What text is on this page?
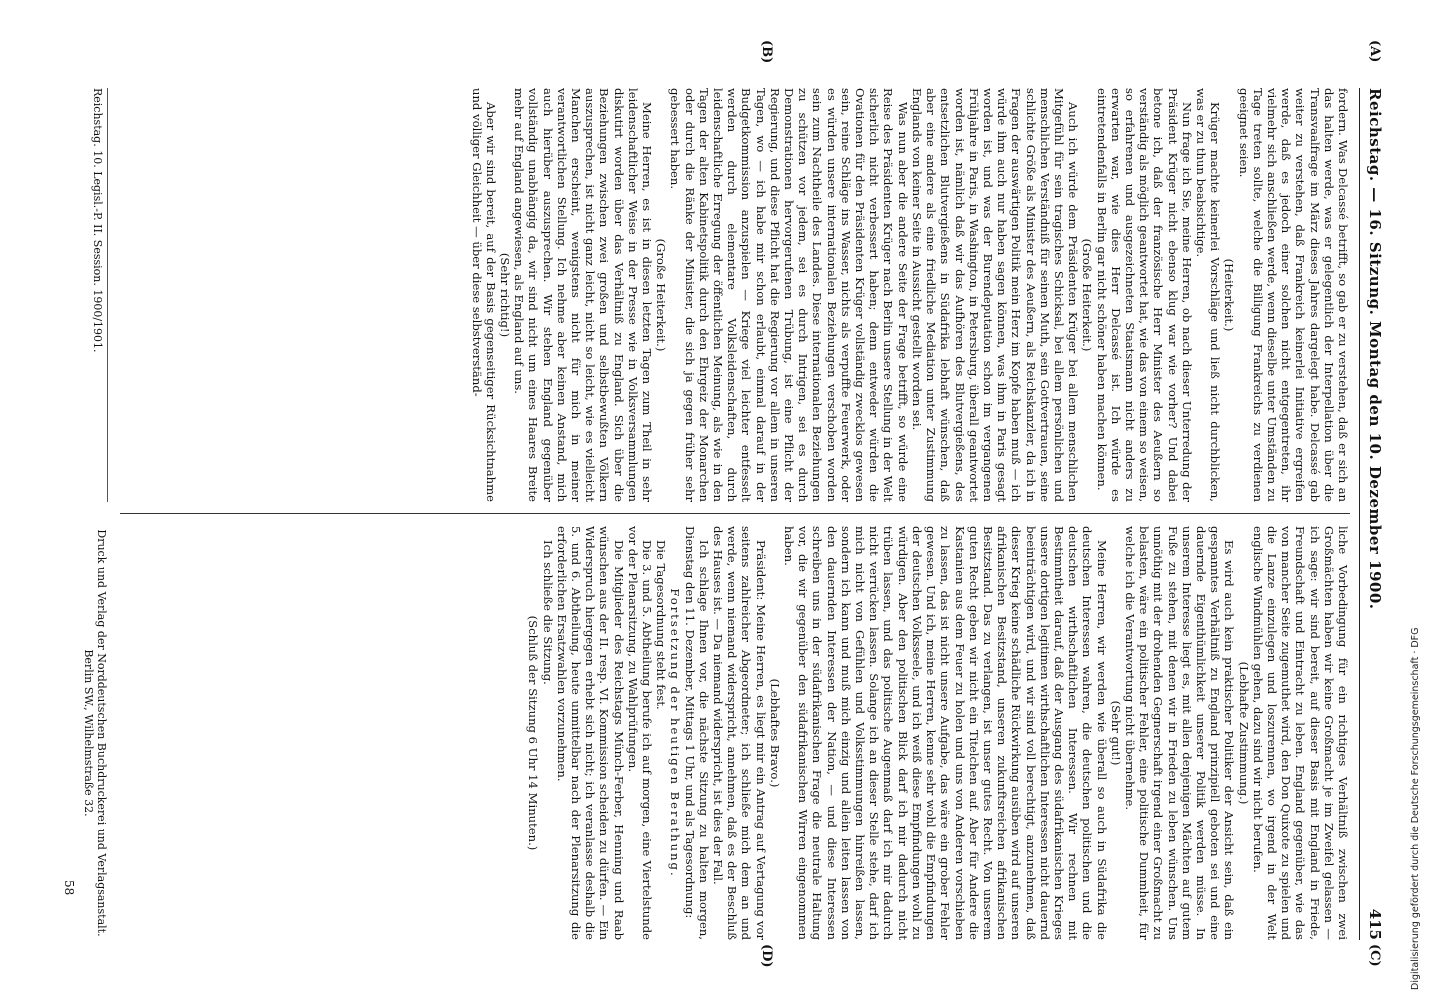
Reichstag. — 16. Sitzung. Montag den 10. Dezember 1900.
415
(A)
(B)
(C)
(D)

fordern. Was Delcassé betrifft, so gab er zu verstehen, daß er sich an das halten werde, was er gelegentlich der Interpellation über die Transvaalfrage im März dieses Jahres dargelegt habe. Delcassé gab weiter zu verstehen, daß Frankreich keinerlei Initiative ergreifen werde, daß es jedoch einer solchen nicht entgegentreten, ihr vielmehr sich anschließen werde, wenn dieselbe unter Umständen zu Tage treten sollte, welche die Billigung Frankreichs zu verdienen geeignet seien.

(Heiterkeit.)

Krüger machte keinerlei Vorschläge und ließ nicht durchblicken, was er zu thun beabsichtige.

Nun frage ich Sie, meine Herren, ob nach dieser Unterredung der Präsident Krüger nicht ebenso klug war wie vorher? Und dabei betone ich, daß der französische Herr Minister des Aeußern so verständig als möglich geantwortet hat, wie das von einem so weisen, so erfahrenen und ausgezeichneten Staatsmann nicht anders zu erwarten war, wie dies Herr Delcassé ist. Ich würde es eintretendenfalls in Berlin gar nicht schöner haben machen können.

(Große Heiterkeit.)

Auch ich würde dem Präsidenten Krüger bei allem menschlichen Mitgefühl für sein tragisches Schicksal, bei allem persönlichen und menschlichen Verständniß für seinen Muth, sein Gottvertrauen, seine schlichte Größe als Minister des Aeußern, als Reichskanzler, da ich in Fragen der auswärtigen Politik mein Herz im Kopfe haben muß — ich würde ihm auch nur haben sagen können, was ihm in Paris gesagt worden ist, und was der Burendeputation schon im vergangenen Frühjahre in Paris, in Washington, in Petersburg, überall geantwortet worden ist, nämlich daß wir das Aufhören des Blutvergießens, des entsetzlichen Blutvergießens in Südafrika lebhaft wünschen, daß aber eine andere als eine friedliche Mediation unter Zustimmung Englands von keiner Seite in Aussicht gestellt worden sei.

Was nun aber die andere Seite der Frage betrifft, so würde eine Reise des Präsidenten Krüger nach Berlin unsere Stellung in der Welt sicherlich nicht verbessert haben; denn entweder würden die Ovationen für den Präsidenten Krüger vollständig zwecklos gewesen sein, reine Schläge ins Wasser, nichts als verpuffte Feuerwerk, oder es würden unsere internationalen Beziehungen verschoben worden sein zum Nachtheile des Landes. Diese internationalen Beziehungen zu schützen vor jedem, sei es durch Intrigen, sei es durch Demonstrationen hervorgerufenen Trübung, ist eine Pflicht der Regierung, und diese Pflicht hat die Regierung vor allem in unseren Tagen, wo — ich habe mir schon erlaubt, einmal darauf in der Budgetkommission anzuspielen — Kriege viel leichter entfesselt werden durch elementare Volksleidenschaften, durch leidenschaftliche Erregung der öffentlichen Meinung, als wie in den Tagen der alten Kabinetspolitik durch den Ehrgeiz der Monarchen oder durch die Ränke der Minister, die sich ja gegen früher sehr gebessert haben.

(Große Heiterkeit.)

Meine Herren, es ist in diesen letzten Tagen zum Theil in sehr leidenschaftlicher Weise in der Presse wie in Volksversammlungen diskutirt worden über das Verhältniß zu England. Sich über die Beziehungen zwischen zwei großen und selbstbewußten Völkern auszusprechen, ist nicht ganz leicht, nicht so leicht, wie es vielleicht Manchen erscheint, wenigstens nicht für mich in meiner verantwortlichen Stellung. Ich nehme aber keinen Anstand, mich auch hierüber auszusprechen. Wir stehen England gegenüber vollständig unabhängig da, wir sind nicht um eines Haares Breite mehr auf England angewiesen, als England auf uns.

(Sehr richtig!)

Aber wir sind bereit, auf der Basis gegenseitiger Rücksichtnahme und völliger Gleichheit — über diese selbstverständ-

liche Vorbedingung für ein richtiges Verhältniß zwischen zwei Großmächten haben wir keine Großmacht je im Zweifel gelassen — ich sage: wir sind bereit, auf dieser Basis mit England in Friede, Freundschaft und Eintracht zu leben. England gegenüber, wie das von mancher Seite zugemuthet wird, den Don Quixote zu spielen und die Lanze einzulegen und loszurennen, wo irgend in der Welt englische Windmühlen gehen, dazu sind wir nicht berufen.

(Lebhafte Zustimmung.)

Es wird auch kein praktischer Politiker der Ansicht sein, daß ein gespanntes Verhältniß zu England prinzipiell geboten sei und eine dauernde Eigenthümlichkeit unserer Politik werden müsse. In unserem Interesse liegt es, mit allen denjenigen Mächten auf gutem Fuße zu stehen, mit denen wir in Frieden zu leben wünschen. Uns unnöthig mit der drohenden Gegnerschaft irgend einer Großmacht zu belasten, wäre ein politischer Fehler, eine politische Dummheit, für welche ich die Verantwortung nicht übernehme.

(Sehr gut!)

Meine Herren, wir werden wie überall so auch in Südafrika die deutschen Interessen wahren, die deutschen politischen und die deutschen wirthschaftlichen Interessen. Wir rechnen mit Bestimmtheit darauf, daß der Ausgang des südafrikanischen Krieges unsere dortigen legitimen wirthschaftlichen Interessen nicht dauernd beeinträchtigen wird, und wir sind voll berechtigt, anzunehmen, daß dieser Krieg keine schädliche Rückwirkung ausüben wird auf unseren afrikanischen Besitzstand, unseren zukunftsreichen afrikanischen Besitzstand. Das zu verlangen, ist unser gutes Recht. Von unserem guten Recht geben wir nicht ein Titelchen auf. Aber für Andere die Kastanien aus dem Feuer zu holen und uns von Anderen vorschieben zu lassen, das ist nicht unsere Aufgabe, das wäre ein grober Fehler gewesen. Und ich, meine Herren, kenne sehr wohl die Empfindungen der deutschen Volksseele, und ich weiß diese Empfindungen wohl zu würdigen. Aber den politischen Blick darf ich mir dadurch nicht trüben lassen, und das politische Augenmaß darf ich mir dadurch nicht verrücken lassen. Solange ich an dieser Stelle stehe, darf ich mich nicht von Gefühlen und Volksstimmungen hinreißen lassen, sondern ich kann und muß mich einzig und allein leiten lassen von den dauernden Interessen der Nation, — und diese Interessen schreiben uns in der südafrikanischen Frage die neutrale Haltung vor, die wir gegenüber den südafrikanischen Wirren eingenommen haben.

(Lebhaftes Bravo.)

Präsident: Meine Herren, es liegt mir ein Antrag auf Vertagung vor seitens zahlreicher Abgeordneter; ich schließe mich dem an und werde, wenn niemand widerspricht, annehmen, daß es der Beschluß des Hauses ist. — Da niemand widerspricht, ist dies der Fall.

Ich schlage Ihnen vor, die nächste Sitzung zu halten morgen, Dienstag den 11. Dezember, Mittags 1 Uhr, und als Tagesordnung:

Fortsetzung der heutigen Berathung.

Die Tagesordnung steht fest.

Die 3. und 5. Abtheilung berufe ich auf morgen, eine Viertelstunde vor der Plenarsitzung, zu Wahlprüfungen.

Die Mitglieder des Reichstags Münch-Ferber, Henning und Raab wünschen aus der II. resp. VI. Kommission scheiden zu dürfen. — Ein Widerspruch hiergegen erhebt sich nicht; ich veranlasse deshalb die 5. und 6. Abtheilung, heute unmittelbar nach der Plenarsitzung die erforderlichen Ersatzwahlen vorzunehmen.

Ich schließe die Sitzung.

(Schluß der Sitzung 6 Uhr 14 Minuten.)

Reichstag. 10. Legisl.-P. II. Session. 1900/1901.
Druck und Verlag der Norddeutschen Buchdruckerei und Verlagsanstalt.
Berlin SW., Wilhelmstraße 32.
58	Digitalisierung gefördert durch die Deutsche Forschungsgemeinschaft · DFG
